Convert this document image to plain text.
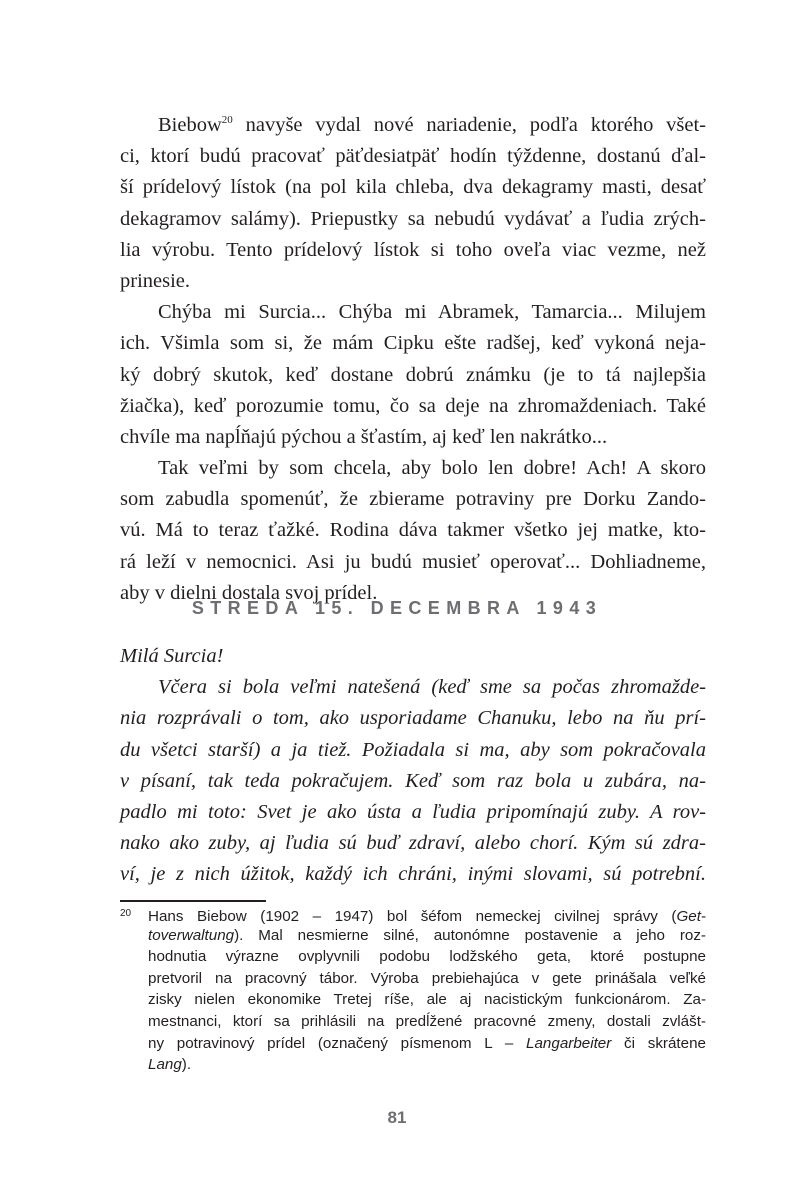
Biebow$^{20}$ navyše vydal nové nariadenie, podľa ktorého všet-
ci, ktorí budú pracovať päťdesiatpäť hodín týždenne, dostanú ďal-
ší prídelový lístok (na pol kila chleba, dva dekagramy masti, desať
dekagramov salámy). Priepustky sa nebudú vydávať a ľudia zrých-
lia výrobu. Tento prídelový lístok si toho oveľa viac vezme, než
prinesie.
Chýba mi Surcia... Chýba mi Abramek, Tamarcia... Milujem
ich. Všimla som si, že mám Cipku ešte radšej, keď vykoná neja-
ký dobrý skutok, keď dostane dobrú známku (je to tá najlepšia
žiačka), keď porozumie tomu, čo sa deje na zhromaždeniach. Také
chvíle ma napĺňajú pýchou a šťastím, aj keď len nakrátko...
Tak veľmi by som chcela, aby bolo len dobre! Ach! A skoro
som zabudla spomenúť, že zbierame potraviny pre Dorku Zando-
vú. Má to teraz ťažké. Rodina dáva takmer všetko jej matke, kto-
rá leží v nemocnici. Asi ju budú musieť operovať... Dohliadneme,
aby v dielni dostala svoj prídel.
STREDA 15. DECEMBRA 1943
Milá Surcia!
Včera si bola veľmi natešená (keď sme sa počas zhromažde-
nia rozprávali o tom, ako usporiadame Chanuku, lebo na ňu prí-
du všetci starší) a ja tiež. Požiadala si ma, aby som pokračovala
v písaní, tak teda pokračujem. Keď som raz bola u zubára, na-
padlo mi toto: Svet je ako ústa a ľudia pripomínajú zuby. A rov-
nako ako zuby, aj ľudia sú buď zdraví, alebo chorí. Kým sú zdra-
ví, je z nich úžitok, každý ich chráni, inými slovami, sú potrební.
20 Hans Biebow (1902 – 1947) bol šéfom nemeckej civilnej správy (Get-
toverwaltung). Mal nesmierne silné, autonómne postavenie a jeho roz-
hodnutia výrazne ovplyvnili podobu lodžského geta, ktoré postupne
pretvoril na pracovný tábor. Výroba prebiehajúca v gete prinášala veľké
zisky nielen ekonomike Tretej ríše, ale aj nacistickým funkcionárom. Za-
mestnanci, ktorí sa prihlásili na predĺžené pracovné zmeny, dostali zvlášt-
ny potravinový prídel (označený písmenom L – Langarbeiter či skrátene
Lang).
81
